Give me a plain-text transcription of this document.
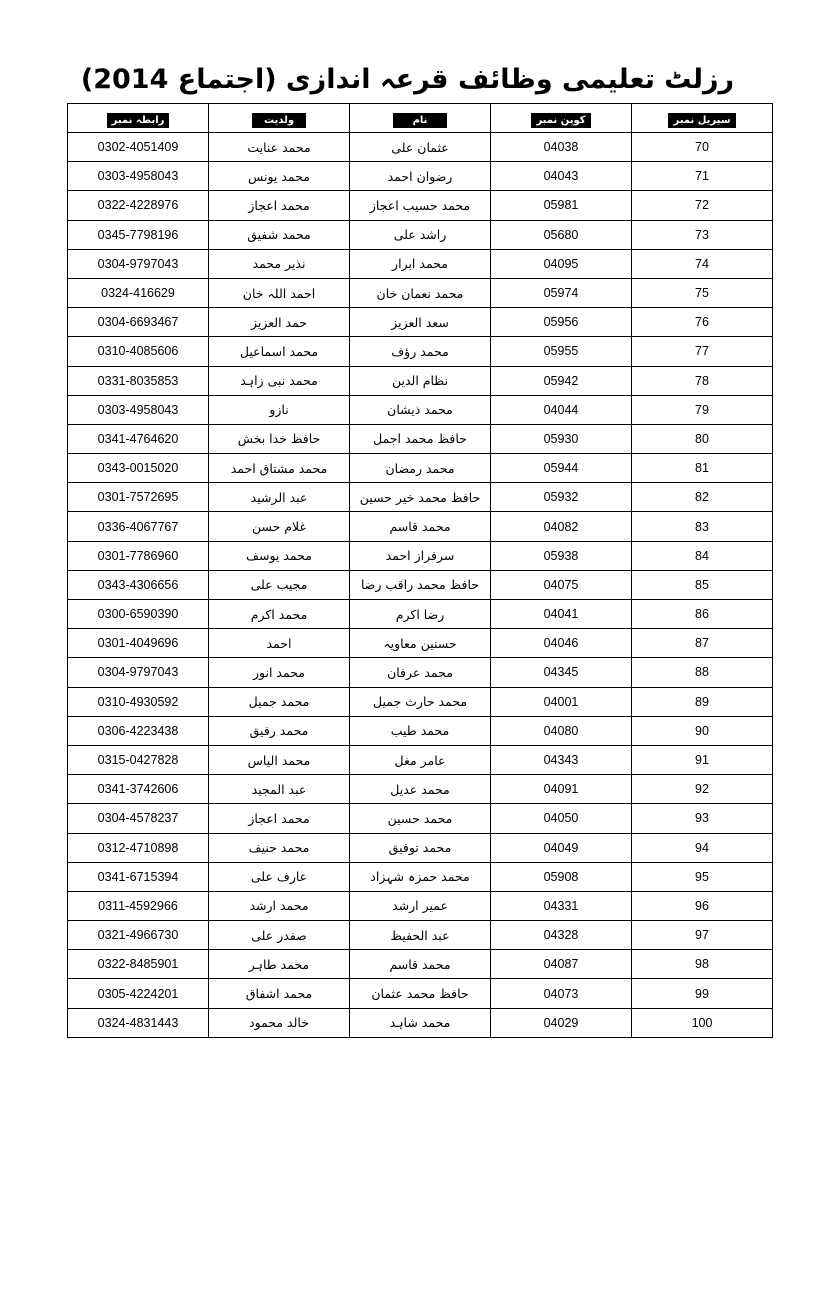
رزلٹ تعلیمی وظائف قرعہ اندازی (اجتماع 2014)
رابطہ نمبر	ولدیت	نام	کوپن نمبر	سیریل نمبر
0302-4051409	محمد عنایت	عثمان علی	04038	70
0303-4958043	محمد یونس	رضوان احمد	04043	71
0322-4228976	محمد اعجاز	محمد حسیب اعجاز	05981	72
0345-7798196	محمد شفیق	راشد علی	05680	73
0304-9797043	نذیر محمد	محمد ابرار	04095	74
0324-416629	احمد اللہ خان	محمد نعمان خان	05974	75
0304-6693467	حمد العزیز	سعد العزیز	05956	76
0310-4085606	محمد اسماعیل	محمد رؤف	05955	77
0331-8035853	محمد نبی زاہد	نظام الدین	05942	78
0303-4958043	نازو	محمد ذیشان	04044	79
0341-4764620	حافظ خدا بخش	حافظ محمد اجمل	05930	80
0343-0015020	محمد مشتاق احمد	محمد رمضان	05944	81
0301-7572695	عبد الرشید	حافظ محمد خیر حسین	05932	82
0336-4067767	غلام حسن	محمد قاسم	04082	83
0301-7786960	محمد یوسف	سرفراز احمد	05938	84
0343-4306656	مجیب علی	حافظ محمد راقب رضا	04075	85
0300-6590390	محمد اکرم	رضا اکرم	04041	86
0301-4049696	احمد	حسنین معاویہ	04046	87
0304-9797043	محمد انور	محمد عرفان	04345	88
0310-4930592	محمد جمیل	محمد حارث جمیل	04001	89
0306-4223438	محمد رفیق	محمد طیب	04080	90
0315-0427828	محمد الیاس	عامر مغل	04343	91
0341-3742606	عبد المجید	محمد عدیل	04091	92
0304-4578237	محمد اعجاز	محمد حسین	04050	93
0312-4710898	محمد حنیف	محمد توفیق	04049	94
0341-6715394	عارف علی	محمد حمزہ شہزاد	05908	95
0311-4592966	محمد ارشد	عمیر ارشد	04331	96
0321-4966730	صفدر علی	عبد الحفیظ	04328	97
0322-8485901	محمد طاہر	محمد قاسم	04087	98
0305-4224201	محمد اشفاق	حافظ محمد عثمان	04073	99
0324-4831443	خالد محمود	محمد شاہد	04029	100
